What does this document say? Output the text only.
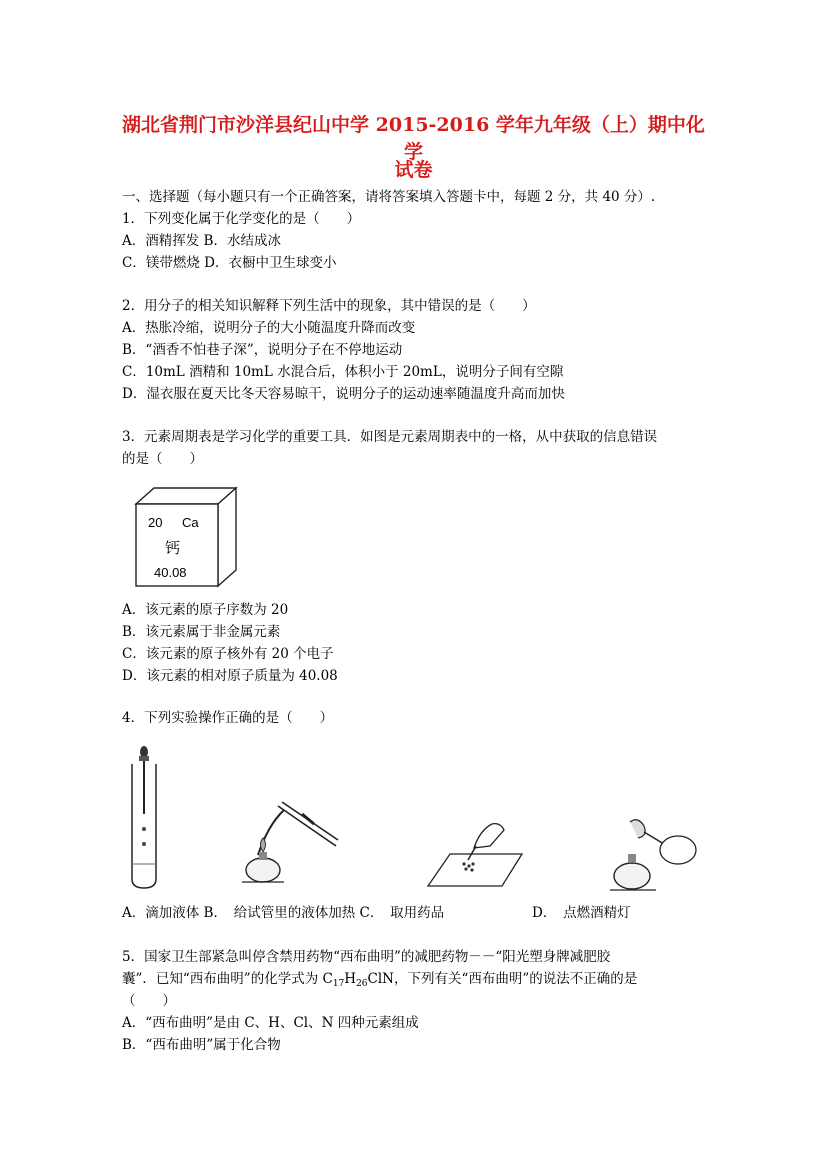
湖北省荆门市沙洋县纪山中学 2015-2016 学年九年级（上）期中化学
试卷
一、选择题（每小题只有一个正确答案，请将答案填入答题卡中，每题 2 分，共 40 分）.
1．下列变化属于化学变化的是（　　）
A．酒精挥发 B．水结成冰
C．镁带燃烧 D．衣橱中卫生球变小
2．用分子的相关知识解释下列生活中的现象，其中错误的是（　　）
A．热胀冷缩，说明分子的大小随温度升降而改变
B．“酒香不怕巷子深”，说明分子在不停地运动
C．10mL 酒精和 10mL 水混合后，体积小于 20mL，说明分子间有空隙
D．湿衣服在夏天比冬天容易晾干，说明分子的运动速率随温度升高而加快
3．元素周期表是学习化学的重要工具．如图是元素周期表中的一格，从中获取的信息错误
的是（　　）
20 Ca
钙
40.08
A．该元素的原子序数为 20
B．该元素属于非金属元素
C．该元素的原子核外有 20 个电子
D．该元素的相对原子质量为 40.08
4．下列实验操作正确的是（　　）
A．滴加液体 B．　给试管里的液体加热 C．　取用药品	D．　点燃酒精灯
5．国家卫生部紧急叫停含禁用药物“西布曲明”的减肥药物－－“阳光塑身牌减肥胶
囊”．已知“西布曲明”的化学式为 $C_{17}H_{26}ClN$，下列有关“西布曲明”的说法不正确的是
（　　）
A．“西布曲明”是由 C、H、Cl、N 四种元素组成
B．“西布曲明”属于化合物
